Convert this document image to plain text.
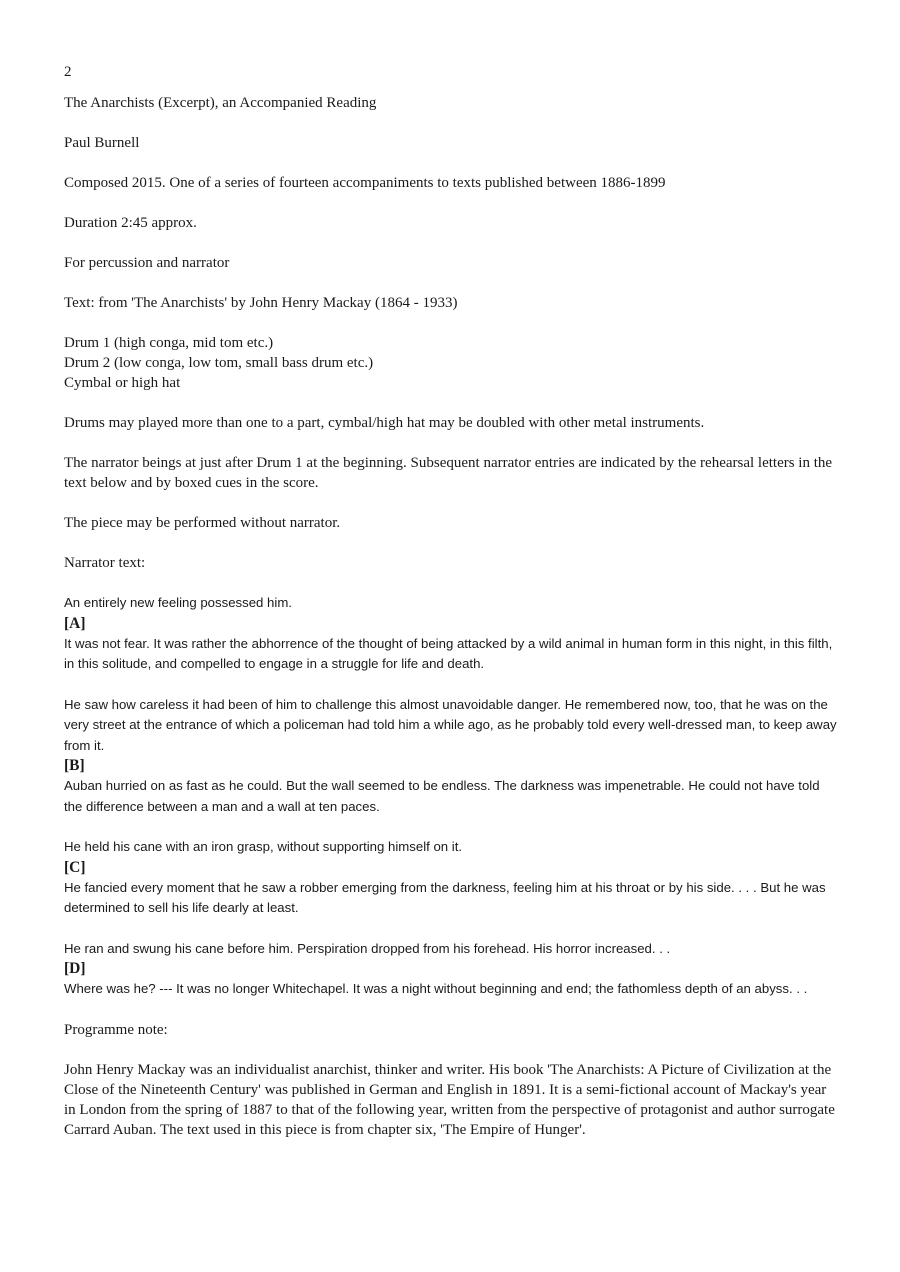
2

The Anarchists (Excerpt), an Accompanied Reading

Paul Burnell

Composed 2015. One of a series of fourteen accompaniments to texts published between 1886-1899

Duration 2:45 approx.

For percussion and narrator

Text: from 'The Anarchists' by John Henry Mackay (1864 - 1933)

Drum 1 (high conga, mid tom etc.)
Drum 2 (low conga, low tom, small bass drum etc.)
Cymbal or high hat

Drums may played more than one to a part, cymbal/high hat may be doubled with other metal instruments.

The narrator beings at just after Drum 1 at the beginning. Subsequent narrator entries are indicated by the rehearsal letters in the text below and by boxed cues in the score.

The piece may be performed without narrator.

Narrator text:

An entirely new feeling possessed him.

[A]

It was not fear. It was rather the abhorrence of the thought of being attacked by a wild animal in human form in this night, in this filth, in this solitude, and compelled to engage in a struggle for life and death.

He saw how careless it had been of him to challenge this almost unavoidable danger. He remembered now, too, that he was on the very street at the entrance of which a policeman had told him a while ago, as he probably told every well-dressed man, to keep away from it.

[B]

Auban hurried on as fast as he could. But the wall seemed to be endless. The darkness was impenetrable. He could not have told the difference between a man and a wall at ten paces.

He held his cane with an iron grasp, without supporting himself on it.

[C]

He fancied every moment that he saw a robber emerging from the darkness, feeling him at his throat or by his side. . . . But he was determined to sell his life dearly at least.

He ran and swung his cane before him. Perspiration dropped from his forehead. His horror increased. . .

[D]

Where was he? --- It was no longer Whitechapel. It was a night without beginning and end; the fathomless depth of an abyss. . .

Programme note:

John Henry Mackay was an individualist anarchist, thinker and writer. His book 'The Anarchists: A Picture of Civilization at the Close of the Nineteenth Century' was published in German and English in 1891. It is a semi-fictional account of Mackay's year in London from the spring of 1887 to that of the following year, written from the perspective of protagonist and author surrogate Carrard Auban. The text used in this piece is from chapter six, 'The Empire of Hunger'.
